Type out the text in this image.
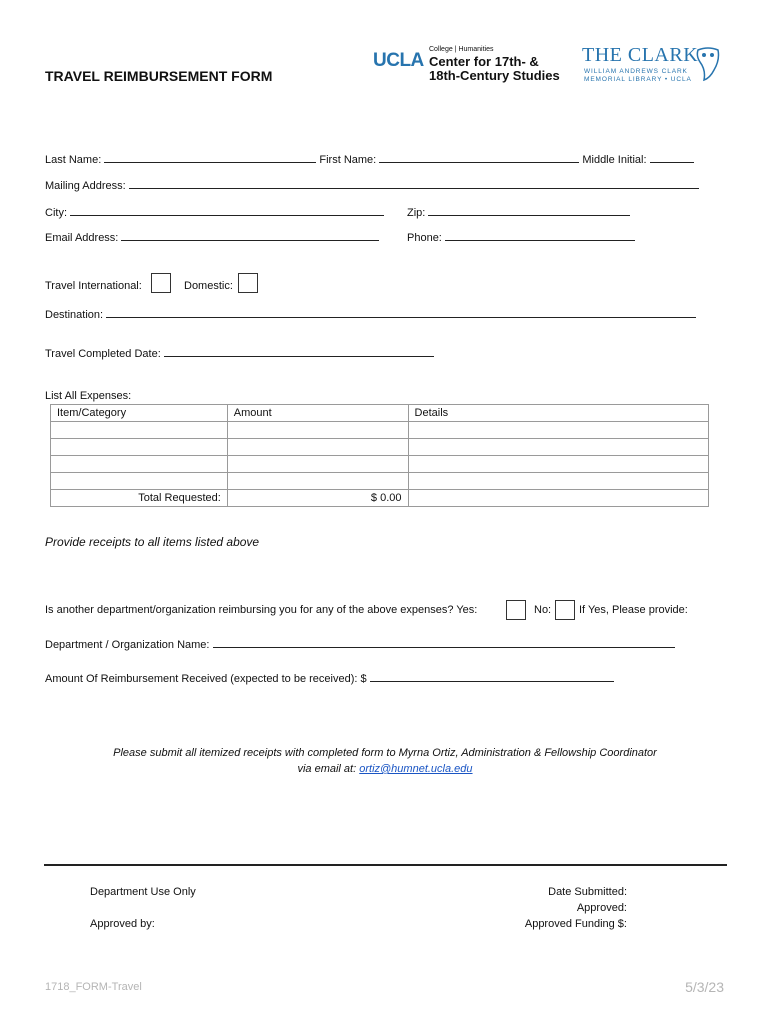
TRAVEL REIMBURSEMENT FORM
UCLA
College | Humanities
Center for 17th- &
18th-Century Studies
THE CLARK
WILLIAM ANDREWS CLARK
MEMORIAL LIBRARY • UCLA
Last Name:	First Name:	Middle Initial:
Mailing Address:
City:	Zip:
Email Address:	Phone:
Travel International:	Domestic:
Destination:
Travel Completed Date:
List All Expenses:
Item/Category	Amount	Details

Total Requested:	$ 0.00	
Provide receipts to all items listed above
Is another department/organization reimbursing you for any of the above expenses? Yes:	No:	If Yes, Please provide:
Department / Organization Name:
Amount Of Reimbursement Received (expected to be received): $
Please submit all itemized receipts with completed form to Myrna Ortiz, Administration & Fellowship Coordinator
via email at: ortiz@humnet.ucla.edu
Department Use Only
Approved by:
Date Submitted:
Approved:
Approved Funding $:
1718_FORM-Travel	5/3/23
